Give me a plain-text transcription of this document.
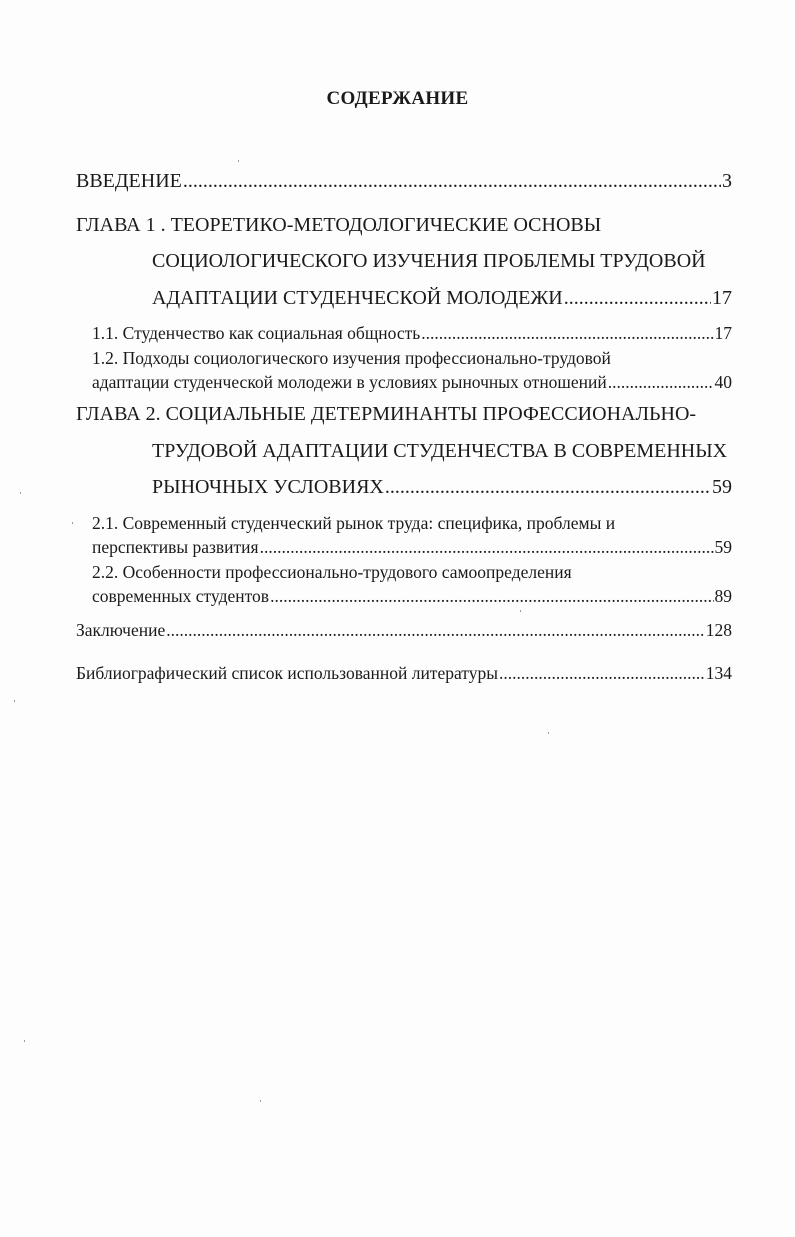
СОДЕРЖАНИЕ
ВВЕДЕНИЕ .....	3
ГЛАВА 1 . ТЕОРЕТИКО-МЕТОДОЛОГИЧЕСКИЕ ОСНОВЫ
СОЦИОЛОГИЧЕСКОГО ИЗУЧЕНИЯ ПРОБЛЕМЫ ТРУДОВОЙ
АДАПТАЦИИ СТУДЕНЧЕСКОЙ МОЛОДЕЖИ .....	17
1.1. Студенчество как социальная общность .....	17
1.2. Подходы социологического изучения профессионально-трудовой
адаптации студенческой молодежи в условиях рыночных отношений .....	40
ГЛАВА 2. СОЦИАЛЬНЫЕ ДЕТЕРМИНАНТЫ ПРОФЕССИОНАЛЬНО-
ТРУДОВОЙ АДАПТАЦИИ СТУДЕНЧЕСТВА В СОВРЕМЕННЫХ
РЫНОЧНЫХ УСЛОВИЯХ .....	59
2.1. Современный студенческий рынок труда: специфика, проблемы и
перспективы развития .....	59
2.2. Особенности профессионально-трудового самоопределения
современных студентов .....	89
Заключение .....	128
Библиографический список использованной литературы .....	134
